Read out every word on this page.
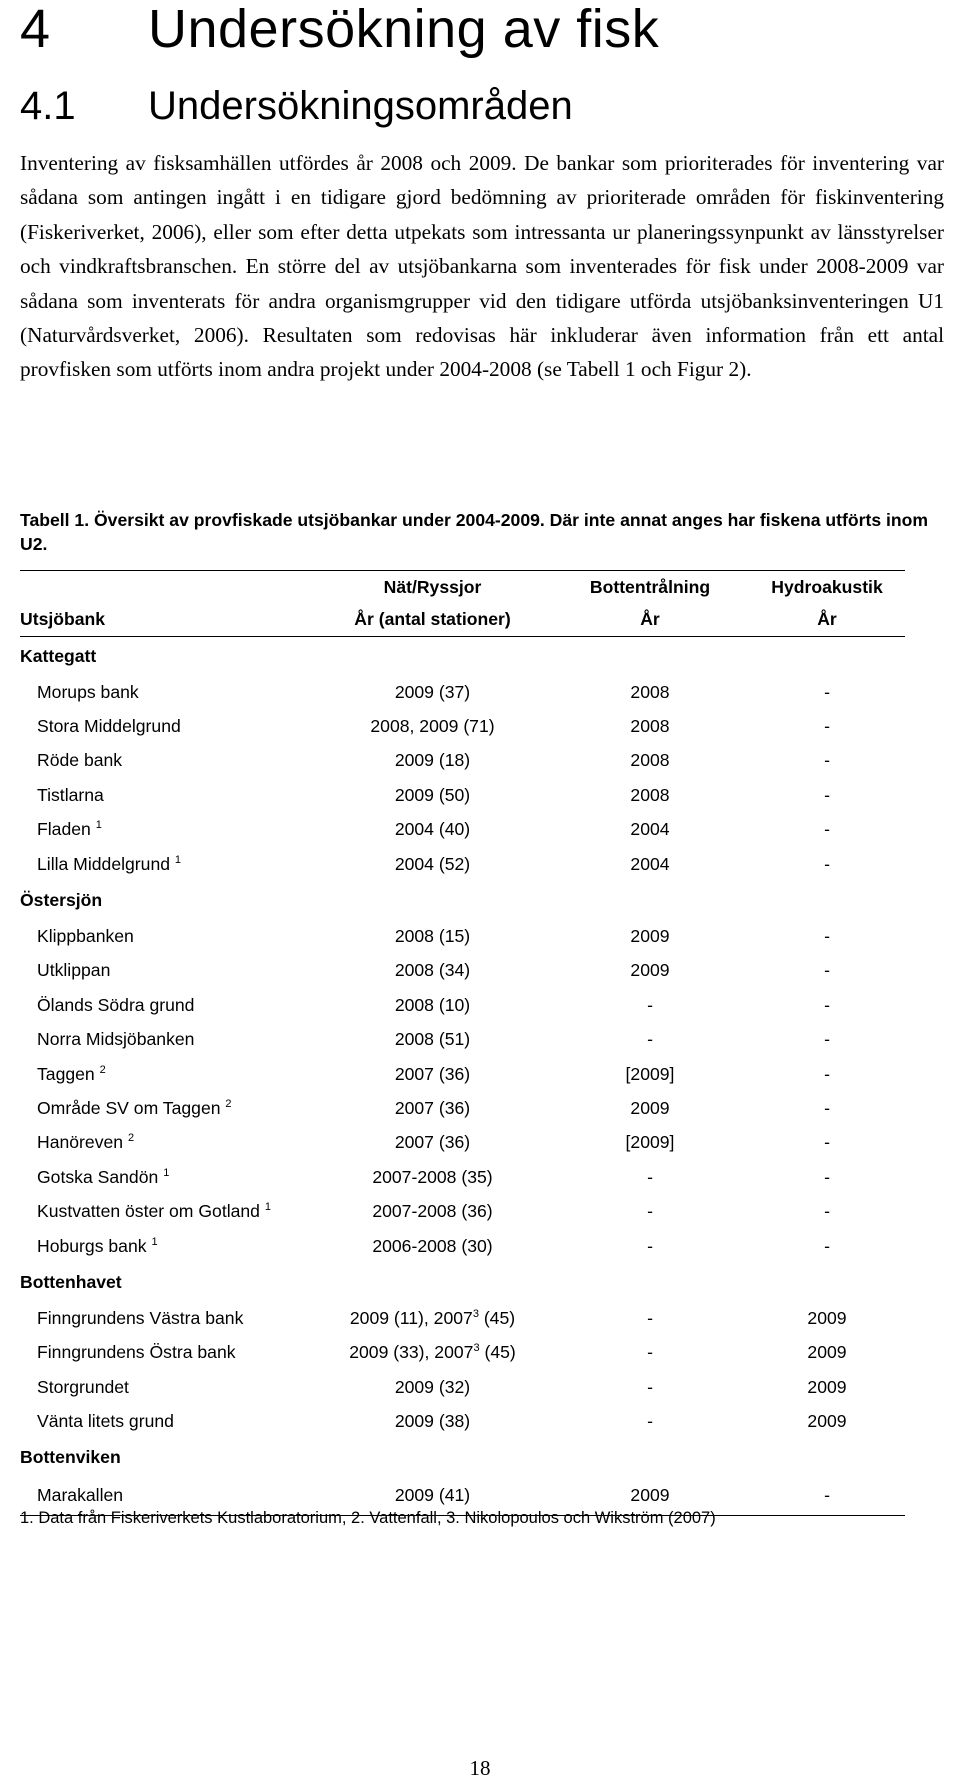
4 Undersökning av fisk
4.1 Undersökningsområden

Inventering av fisksamhällen utfördes år 2008 och 2009. De bankar som prioriterades för inventering var sådana som antingen ingått i en tidigare gjord bedömning av prioriterade områden för fiskinventering (Fiskeriverket, 2006), eller som efter detta utpekats som intressanta ur planeringssynpunkt av länsstyrelser och vindkraftsbranschen. En större del av utsjöbankarna som inventerades för fisk under 2008-2009 var sådana som inventerats för andra organismgrupper vid den tidigare utförda utsjöbanksinventeringen U1 (Naturvårdsverket, 2006). Resultaten som redovisas här inkluderar även information från ett antal provfisken som utförts inom andra projekt under 2004-2008 (se Tabell 1 och Figur 2).

Tabell 1. Översikt av provfiskade utsjöbankar under 2004-2009. Där inte annat anges har fiskena utförts inom U2.

	Nät/Ryssjor	Bottentrålning	Hydroakustik
Utsjöbank	År (antal stationer)	År	År
Kattegatt			
Morups bank	2009 (37)	2008	-
Stora Middelgrund	2008, 2009 (71)	2008	-
Röde bank	2009 (18)	2008	-
Tistlarna	2009 (50)	2008	-
Fladen $^1$	2004 (40)	2004	-
Lilla Middelgrund $^1$	2004 (52)	2004	-
Östersjön			
Klippbanken	2008 (15)	2009	-
Utklippan	2008 (34)	2009	-
Ölands Södra grund	2008 (10)	-	-
Norra Midsjöbanken	2008 (51)	-	-
Taggen $^2$	2007 (36)	[2009]	-
Område SV om Taggen $^2$	2007 (36)	2009	-
Hanöreven $^2$	2007 (36)	[2009]	-
Gotska Sandön $^1$	2007-2008 (35)	-	-
Kustvatten öster om Gotland $^1$	2007-2008 (36)	-	-
Hoburgs bank $^1$	2006-2008 (30)	-	-
Bottenhavet			
Finngrundens Västra bank	2009 (11), 2007$^3$ (45)	-	2009
Finngrundens Östra bank	2009 (33), 2007$^3$ (45)	-	2009
Storgrundet	2009 (32)	-	2009
Vänta litets grund	2009 (38)	-	2009
Bottenviken			
Marakallen	2009 (41)	2009	-

1. Data från Fiskeriverkets Kustlaboratorium, 2. Vattenfall, 3. Nikolopoulos och Wikström (2007)

18
